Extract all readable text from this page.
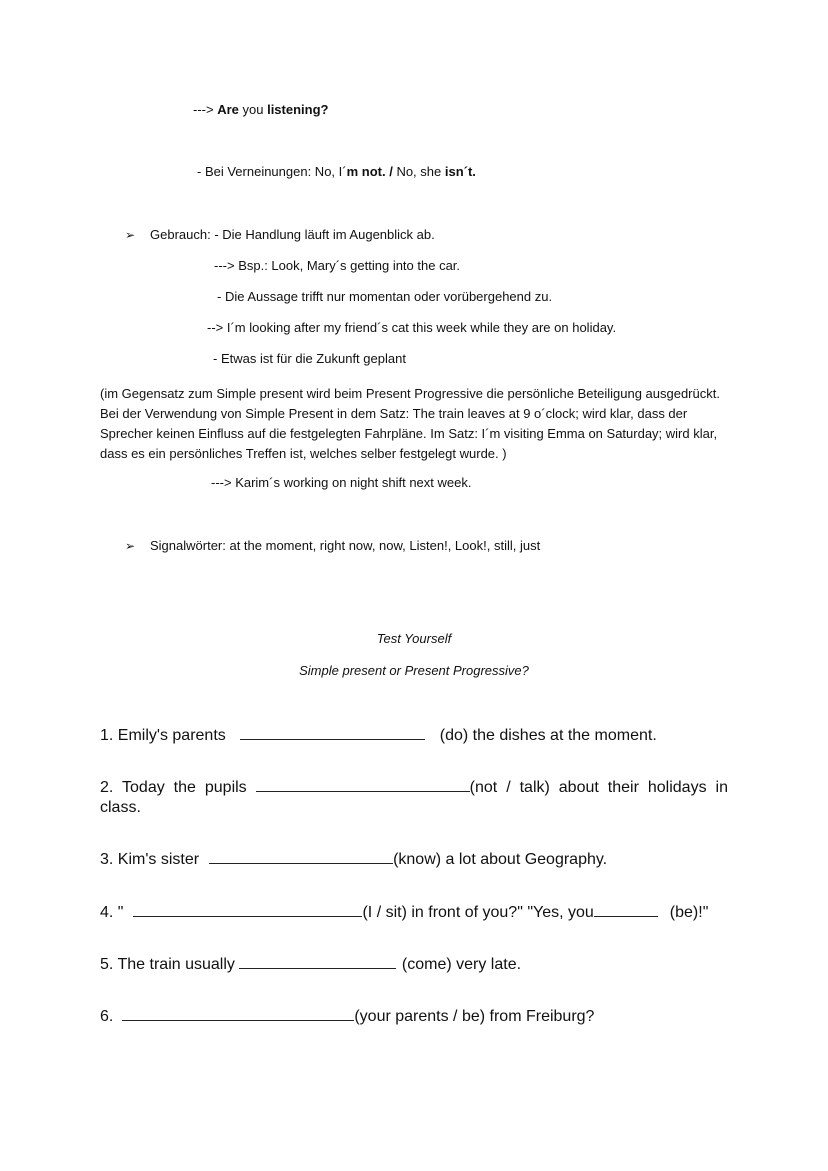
---> Are you listening?
- Bei Verneinungen: No, I´m not. / No, she isn´t.
➢ Gebrauch: - Die Handlung läuft im Augenblick ab.
---> Bsp.: Look, Mary´s getting into the car.
- Die Aussage trifft nur momentan oder vorübergehend zu.
--> I´m looking after my friend´s cat this week while they are on holiday.
- Etwas ist für die Zukunft geplant
(im Gegensatz zum Simple present wird beim Present Progressive die persönliche Beteiligung ausgedrückt. Bei der Verwendung von Simple Present in dem Satz: The train leaves at 9 o´clock; wird klar, dass der Sprecher keinen Einfluss auf die festgelegten Fahrpläne. Im Satz: I´m visiting Emma on Saturday; wird klar, dass es ein persönliches Treffen ist, welches selber festgelegt wurde. )
---> Karim´s working on night shift next week.
➢ Signalwörter: at the moment, right now, now, Listen!, Look!, still, just
Test Yourself
Simple present or Present Progressive?
1. Emily's parents	(do) the dishes at the moment.
2. Today the pupils	(not / talk) about their holidays in class.
3. Kim's sister	(know) a lot about Geography.
4. "	(I / sit) in front of you?" "Yes, you	(be)!"
5. The train usually	(come) very late.
6.	(your parents / be) from Freiburg?
